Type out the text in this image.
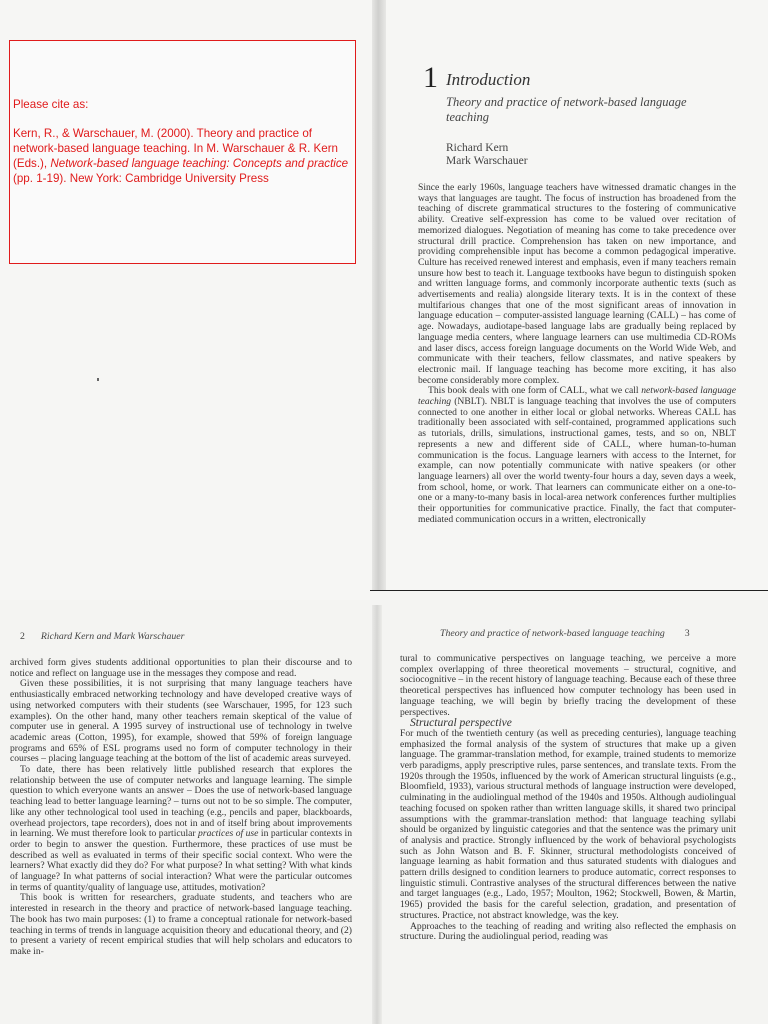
Please cite as:

Kern, R., & Warschauer, M. (2000). Theory and practice of network-based language teaching. In M. Warschauer & R. Kern (Eds.), Network-based language teaching: Concepts and practice (pp. 1-19). New York: Cambridge University Press

1 Introduction
Theory and practice of network-based language teaching
Richard Kern
Mark Warschauer

Since the early 1960s, language teachers have witnessed dramatic changes in the ways that languages are taught. The focus of instruction has broadened from the teaching of discrete grammatical structures to the fostering of communicative ability. Creative self-expression has come to be valued over recitation of memorized dialogues. Negotiation of meaning has come to take precedence over structural drill practice. Comprehension has taken on new importance, and providing comprehensible input has become a common pedagogical imperative. Culture has received renewed interest and emphasis, even if many teachers remain unsure how best to teach it. Language textbooks have begun to distinguish spoken and written language forms, and commonly incorporate authentic texts (such as advertisements and realia) alongside literary texts. It is in the context of these multifarious changes that one of the most significant areas of innovation in language education – computer-assisted language learning (CALL) – has come of age. Nowadays, audiotape-based language labs are gradually being replaced by language media centers, where language learners can use multimedia CD-ROMs and laser discs, access foreign language documents on the World Wide Web, and communicate with their teachers, fellow classmates, and native speakers by electronic mail. If language teaching has become more exciting, it has also become considerably more complex.

This book deals with one form of CALL, what we call network-based language teaching (NBLT). NBLT is language teaching that involves the use of computers connected to one another in either local or global networks. Whereas CALL has traditionally been associated with self-contained, programmed applications such as tutorials, drills, simulations, instructional games, tests, and so on, NBLT represents a new and different side of CALL, where human-to-human communication is the focus. Language learners with access to the Internet, for example, can now potentially communicate with native speakers (or other language learners) all over the world twenty-four hours a day, seven days a week, from school, home, or work. That learners can communicate either on a one-to-one or a many-to-many basis in local-area network conferences further multiplies their opportunities for communicative practice. Finally, the fact that computer-mediated communication occurs in a written, electronically

2 Richard Kern and Mark Warschauer

archived form gives students additional opportunities to plan their discourse and to notice and reflect on language use in the messages they compose and read.

Given these possibilities, it is not surprising that many language teachers have enthusiastically embraced networking technology and have developed creative ways of using networked computers with their students (see Warschauer, 1995, for 123 such examples). On the other hand, many other teachers remain skeptical of the value of computer use in general. A 1995 survey of instructional use of technology in twelve academic areas (Cotton, 1995), for example, showed that 59% of foreign language programs and 65% of ESL programs used no form of computer technology in their courses – placing language teaching at the bottom of the list of academic areas surveyed.

To date, there has been relatively little published research that explores the relationship between the use of computer networks and language learning. The simple question to which everyone wants an answer – Does the use of network-based language teaching lead to better language learning? – turns out not to be so simple. The computer, like any other technological tool used in teaching (e.g., pencils and paper, blackboards, overhead projectors, tape recorders), does not in and of itself bring about improvements in learning. We must therefore look to particular practices of use in particular contexts in order to begin to answer the question. Furthermore, these practices of use must be described as well as evaluated in terms of their specific social context. Who were the learners? What exactly did they do? For what purpose? In what setting? With what kinds of language? In what patterns of social interaction? What were the particular outcomes in terms of quantity/quality of language use, attitudes, motivation?

This book is written for researchers, graduate students, and teachers who are interested in research in the theory and practice of network-based language teaching. The book has two main purposes: (1) to frame a conceptual rationale for network-based teaching in terms of trends in language acquisition theory and educational theory, and (2) to present a variety of recent empirical studies that will help scholars and educators to make in-

Theory and practice of network-based language teaching 3

tural to communicative perspectives on language teaching, we perceive a more complex overlapping of three theoretical movements – structural, cognitive, and sociocognitive – in the recent history of language teaching. Because each of these three theoretical perspectives has influenced how computer technology has been used in language teaching, we will begin by briefly tracing the development of these perspectives.

Structural perspective

For much of the twentieth century (as well as preceding centuries), language teaching emphasized the formal analysis of the system of structures that make up a given language. The grammar-translation method, for example, trained students to memorize verb paradigms, apply prescriptive rules, parse sentences, and translate texts. From the 1920s through the 1950s, influenced by the work of American structural linguists (e.g., Bloomfield, 1933), various structural methods of language instruction were developed, culminating in the audiolingual method of the 1940s and 1950s. Although audiolingual teaching focused on spoken rather than written language skills, it shared two principal assumptions with the grammar-translation method: that language teaching syllabi should be organized by linguistic categories and that the sentence was the primary unit of analysis and practice. Strongly influenced by the work of behavioral psychologists such as John Watson and B. F. Skinner, structural methodologists conceived of language learning as habit formation and thus saturated students with dialogues and pattern drills designed to condition learners to produce automatic, correct responses to linguistic stimuli. Contrastive analyses of the structural differences between the native and target languages (e.g., Lado, 1957; Moulton, 1962; Stockwell, Bowen, & Martin, 1965) provided the basis for the careful selection, gradation, and presentation of structures. Practice, not abstract knowledge, was the key.

Approaches to the teaching of reading and writing also reflected the emphasis on structure. During the audiolingual period, reading was
